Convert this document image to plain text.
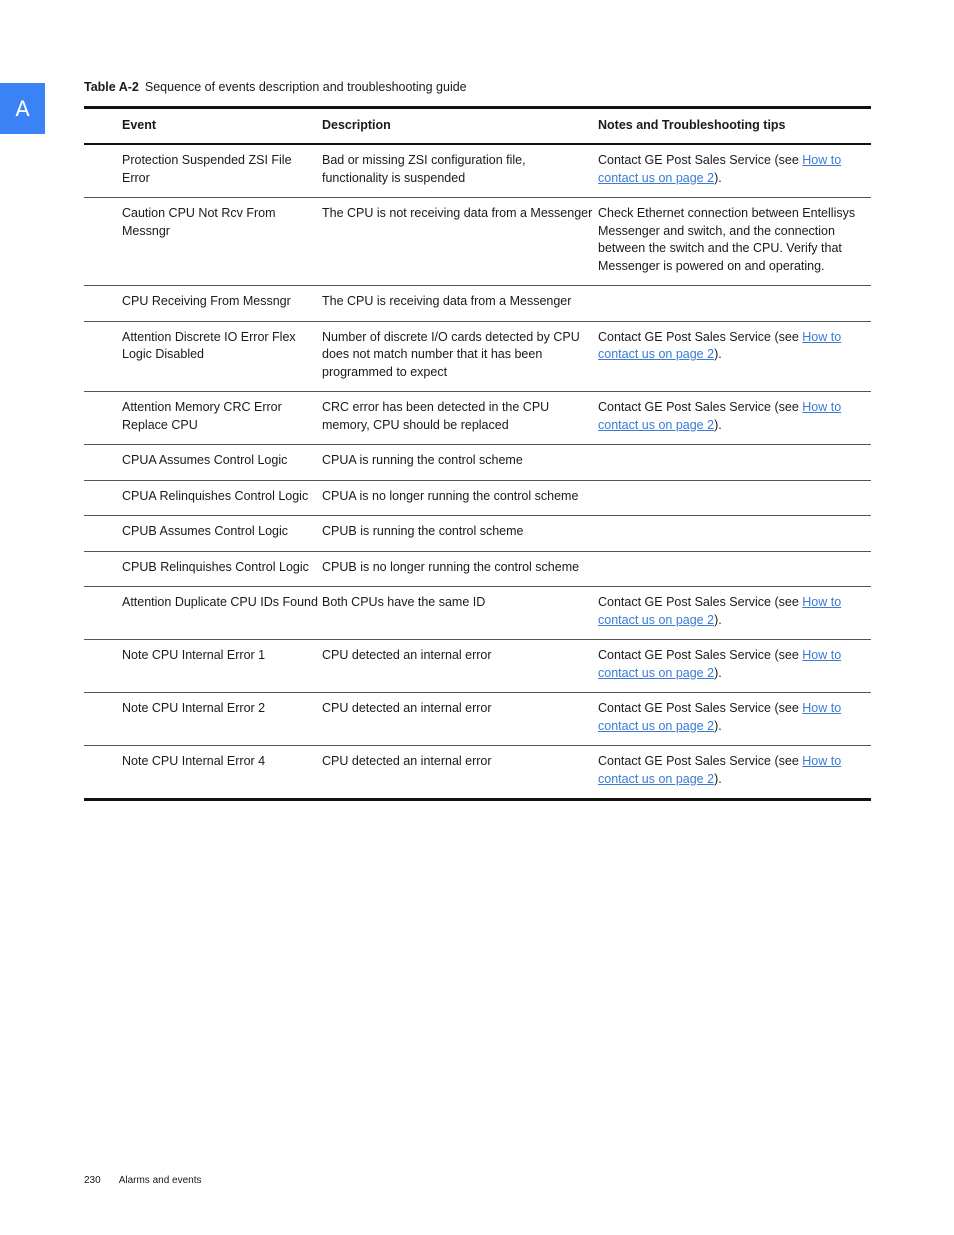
A
Table A-2 Sequence of events description and troubleshooting guide
	Event	Description	Notes and Troubleshooting tips
	Protection Suspended ZSI File Error	Bad or missing ZSI configuration file, functionality is suspended	Contact GE Post Sales Service (see How to contact us on page 2).
	Caution CPU Not Rcv From Messngr	The CPU is not receiving data from a Messenger	Check Ethernet connection between Entellisys Messenger and switch, and the connection between the switch and the CPU. Verify that Messenger is powered on and operating.
	CPU Receiving From Messngr	The CPU is receiving data from a Messenger	
	Attention Discrete IO Error Flex Logic Disabled	Number of discrete I/O cards detected by CPU does not match number that it has been programmed to expect	Contact GE Post Sales Service (see How to contact us on page 2).
	Attention Memory CRC Error Replace CPU	CRC error has been detected in the CPU memory, CPU should be replaced	Contact GE Post Sales Service (see How to contact us on page 2).
	CPUA Assumes Control Logic	CPUA is running the control scheme	
	CPUA Relinquishes Control Logic	CPUA is no longer running the control scheme	
	CPUB Assumes Control Logic	CPUB is running the control scheme	
	CPUB Relinquishes Control Logic	CPUB is no longer running the control scheme	
	Attention Duplicate CPU IDs Found	Both CPUs have the same ID	Contact GE Post Sales Service (see How to contact us on page 2).
	Note CPU Internal Error 1	CPU detected an internal error	Contact GE Post Sales Service (see How to contact us on page 2).
	Note CPU Internal Error 2	CPU detected an internal error	Contact GE Post Sales Service (see How to contact us on page 2).
	Note CPU Internal Error 4	CPU detected an internal error	Contact GE Post Sales Service (see How to contact us on page 2).
230 Alarms and events
